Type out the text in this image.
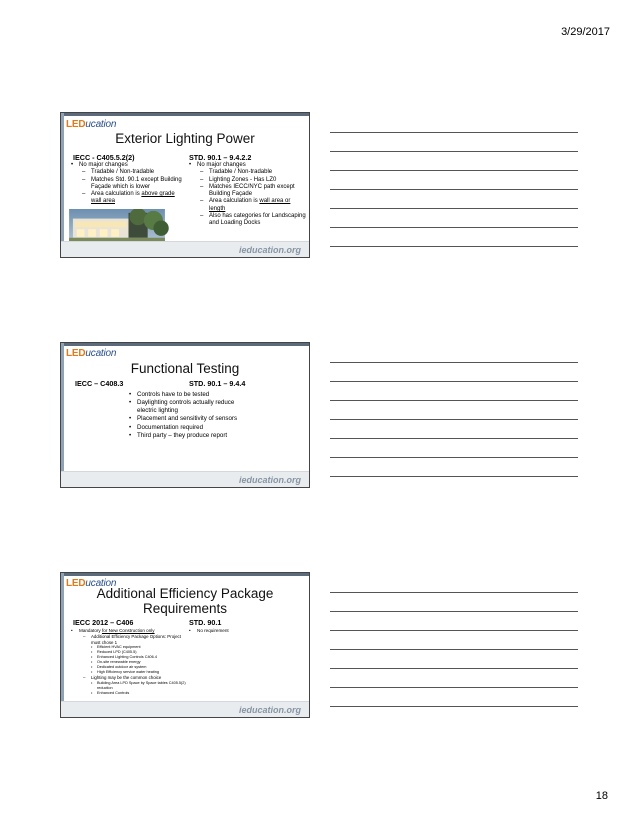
3/29/2017
LEDucation
Exterior Lighting Power
IECC - C405.5.2(2)	STD. 90.1 – 9.4.2.2
• No major changes
– Tradable / Non-tradable
– Matches Std. 90.1 except Building Façade which is lower
– Area calculation is above grade wall area
• No major changes
– Tradable / Non-tradable
– Lighting Zones - Has LZ0
– Matches IECC/NYC path except Building Façade
– Area calculation is wall area or length
– Also has categories for Landscaping and Loading Docks
ieducation.org
LEDucation
Functional Testing
IECC – C408.3	STD. 90.1 – 9.4.4
• Controls have to be tested
• Daylighting controls actually reduce electric lighting
• Placement and sensitivity of sensors
• Documentation required
• Third party – they produce report
ieducation.org
LEDucation
Additional Efficiency Package Requirements
IECC 2012 – C406	STD. 90.1
• Mandatory for New Construction only
– Additional Efficiency Package Options: Project must chose 1
• Efficient HVAC equipment
• Reduced LPD (C405.5)
• Enhanced Lighting Controls C406.4
• On-site renewable energy
• Dedicated outdoor air system
• High Efficiency service water heating
– Lighting may be the common choice
• Building Area LPD Space by Space tables C405.5(2) reduction
• Enhanced Controls
• No requirement
ieducation.org
18
